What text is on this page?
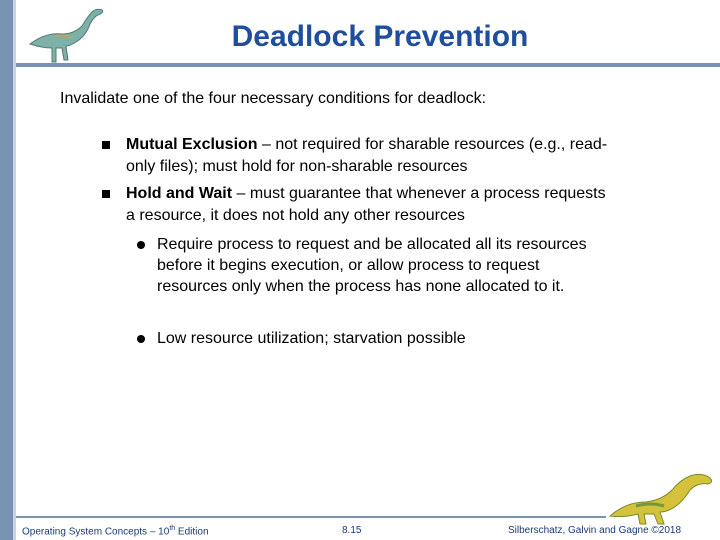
Deadlock Prevention
Invalidate one of the four necessary conditions for deadlock:
Mutual Exclusion – not required for sharable resources (e.g., read-only files); must hold for non-sharable resources
Hold and Wait – must guarantee that whenever a process requests a resource, it does not hold any other resources
Require process to request and be allocated all its resources before it begins execution, or allow process to request resources only when the process has none allocated to it.
Low resource utilization; starvation possible
Operating System Concepts – 10th Edition	8.15	Silberschatz, Galvin and Gagne ©2018
